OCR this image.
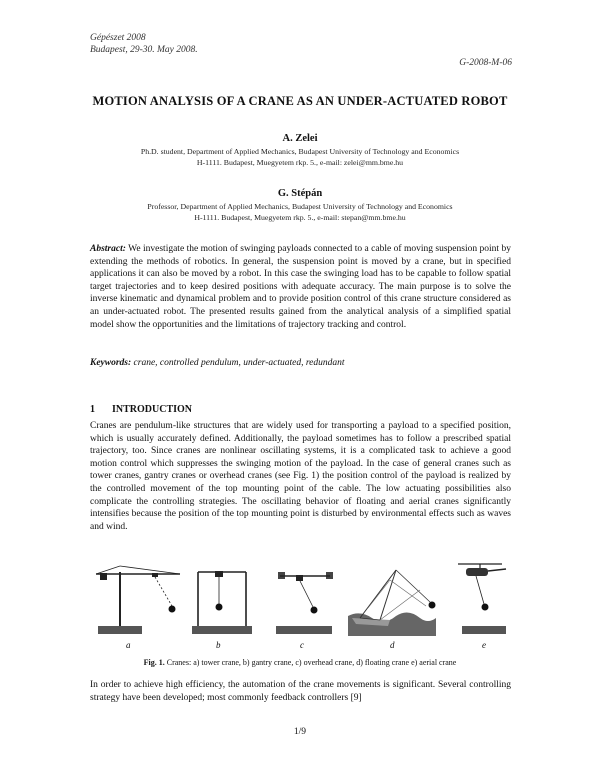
Gépészet 2008
Budapest, 29-30. May 2008.
G-2008-M-06
MOTION ANALYSIS OF A CRANE AS AN UNDER-ACTUATED ROBOT
A. Zelei
Ph.D. student, Department of Applied Mechanics, Budapest University of Technology and Economics
H-1111. Budapest, Muegyetem rkp. 5., e-mail: zelei@mm.bme.hu
G. Stépán
Professor, Department of Applied Mechanics, Budapest University of Technology and Economics
H-1111. Budapest, Muegyetem rkp. 5., e-mail: stepan@mm.bme.hu
Abstract: We investigate the motion of swinging payloads connected to a cable of moving suspension point by extending the methods of robotics. In general, the suspension point is moved by a crane, but in specified applications it can also be moved by a robot. In this case the swinging load has to be capable to follow spatial target trajectories and to keep desired positions with adequate accuracy. The main purpose is to solve the inverse kinematic and dynamical problem and to provide position control of this crane structure considered as an under-actuated robot. The presented results gained from the analytical analysis of a simplified spatial model show the opportunities and the limitations of trajectory tracking and control.
Keywords: crane, controlled pendulum, under-actuated, redundant
1 INTRODUCTION
Cranes are pendulum-like structures that are widely used for transporting a payload to a specified position, which is usually accurately defined. Additionally, the payload sometimes has to follow a prescribed spatial trajectory, too. Since cranes are nonlinear oscillating systems, it is a complicated task to achieve a good motion control which suppresses the swinging motion of the payload. In the case of general cranes such as tower cranes, gantry cranes or overhead cranes (see Fig. 1) the position control of the payload is realized by the controlled movement of the top mounting point of the cable. The low actuating possibilities also complicate the controlling strategies. The oscillating behavior of floating and aerial cranes significantly intensifies because the position of the top mounting point is disturbed by environmental effects such as waves and wind.
a	b	c	d	e
Fig. 1. Cranes: a) tower crane, b) gantry crane, c) overhead crane, d) floating crane e) aerial crane
In order to achieve high efficiency, the automation of the crane movements is significant. Several controlling strategy have been developed; most commonly feedback controllers [9]
1/9
